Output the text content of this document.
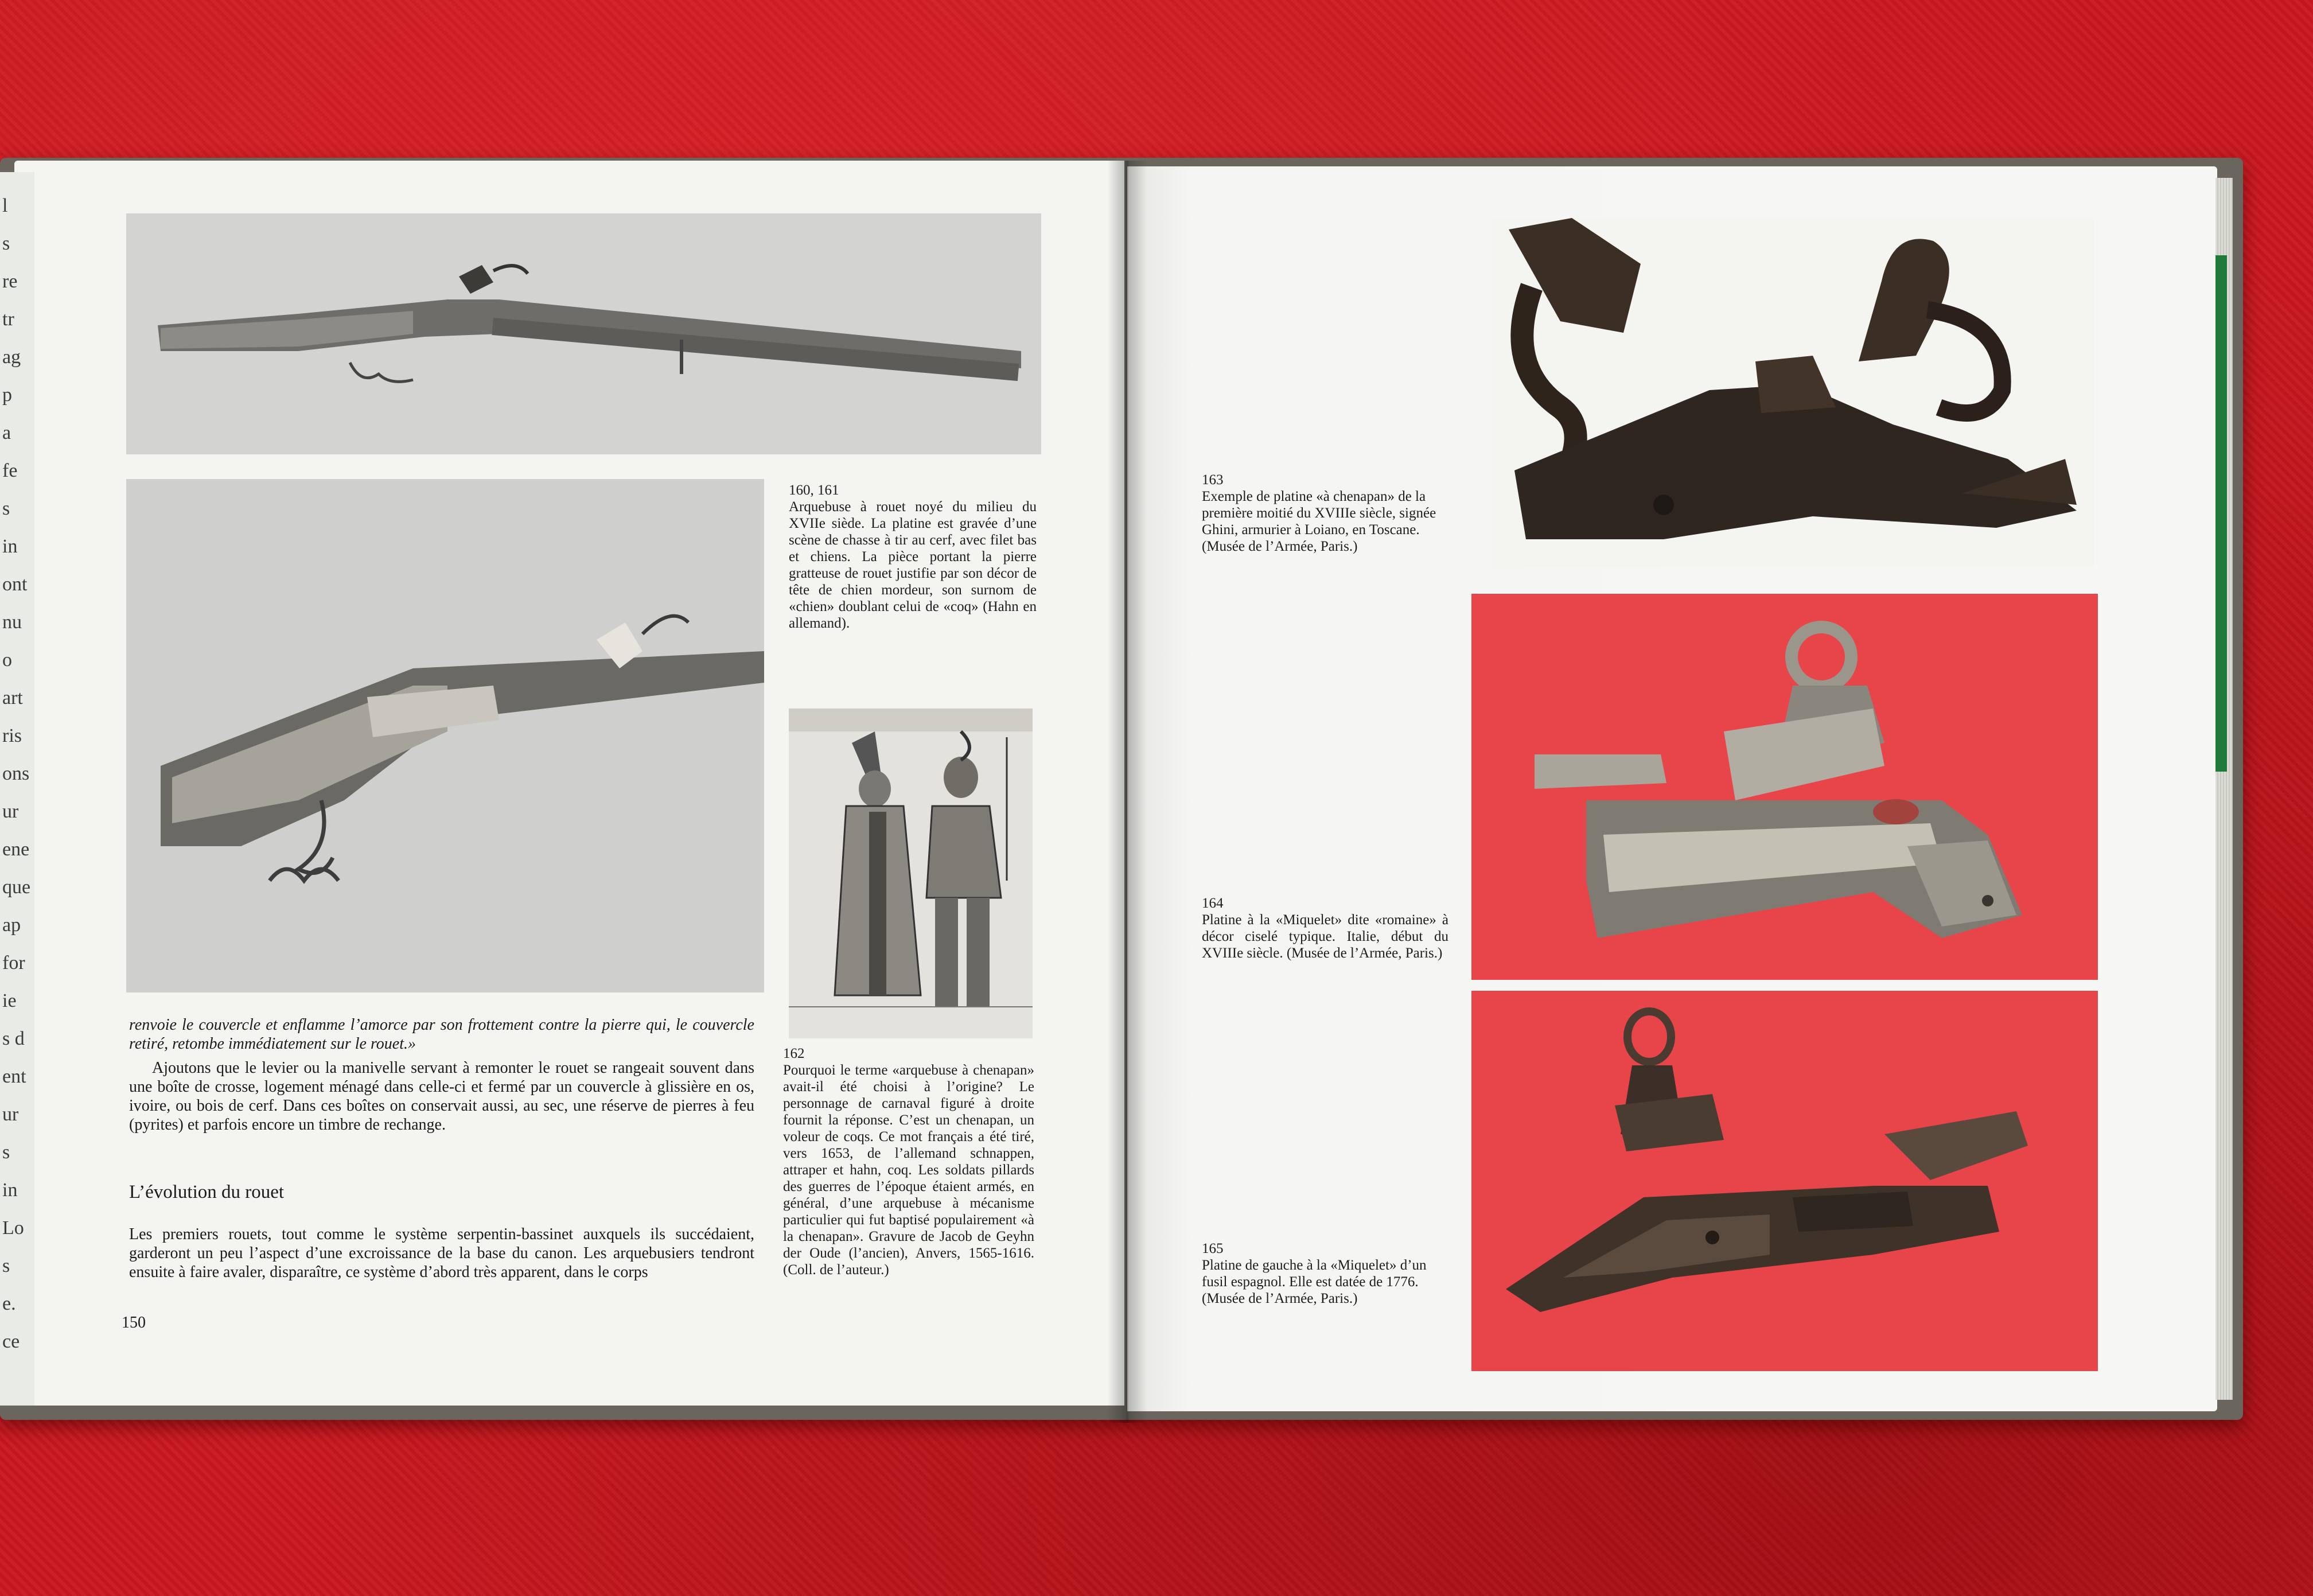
l
s
re
tr
ag
p
a
fe
s
in
ont
nu
o
art
ris
ons
ur
ene
que
ap
for
ie
s d
ent
ur
s
in
Lo
s
e.
ce
160, 161
Arquebuse à rouet noyé du milieu du XVIIe siède. La platine est gravée d’une scène de chasse à tir au cerf, avec filet bas et chiens. La pièce portant la pierre gratteuse de rouet justifie par son décor de tête de chien mordeur, son surnom de «chien» doublant celui de «coq» (Hahn en allemand).
162
Pourquoi le terme «arquebuse à chenapan» avait-il été choisi à l’origine? Le personnage de carnaval figuré à droite fournit la réponse. C’est un chenapan, un voleur de coqs. Ce mot français a été tiré, vers 1653, de l’allemand schnappen, attraper et hahn, coq. Les soldats pillards des guerres de l’époque étaient armés, en général, d’une arquebuse à mécanisme particulier qui fut baptisé populairement «à la chenapan». Gravure de Jacob de Geyhn der Oude (l’ancien), Anvers, 1565-1616. (Coll. de l’auteur.)
renvoie le couvercle et enflamme l’amorce par son frottement contre la pierre qui, le couvercle retiré, retombe immédiatement sur le rouet.»
Ajoutons que le levier ou la manivelle servant à remonter le rouet se rangeait souvent dans une boîte de crosse, logement ménagé dans celle-ci et fermé par un couvercle à glissière en os, ivoire, ou bois de cerf. Dans ces boîtes on conservait aussi, au sec, une réserve de pierres à feu (pyrites) et parfois encore un timbre de rechange.
L’évolution du rouet
Les premiers rouets, tout comme le système serpentin-bassinet auxquels ils succédaient, garderont un peu l’aspect d’une excroissance de la base du canon. Les arquebusiers tendront ensuite à faire avaler, disparaître, ce système d’abord très apparent, dans le corps
150
163
Exemple de platine «à chenapan» de la première moitié du XVIIIe siècle, signée Ghini, armurier à Loiano, en Toscane. (Musée de l’Armée, Paris.)
164
Platine à la «Miquelet» dite «romaine» à décor ciselé typique. Italie, début du XVIIIe siècle. (Musée de l’Armée, Paris.)
165
Platine de gauche à la «Miquelet» d’un fusil espagnol. Elle est datée de 1776. (Musée de l’Armée, Paris.)
